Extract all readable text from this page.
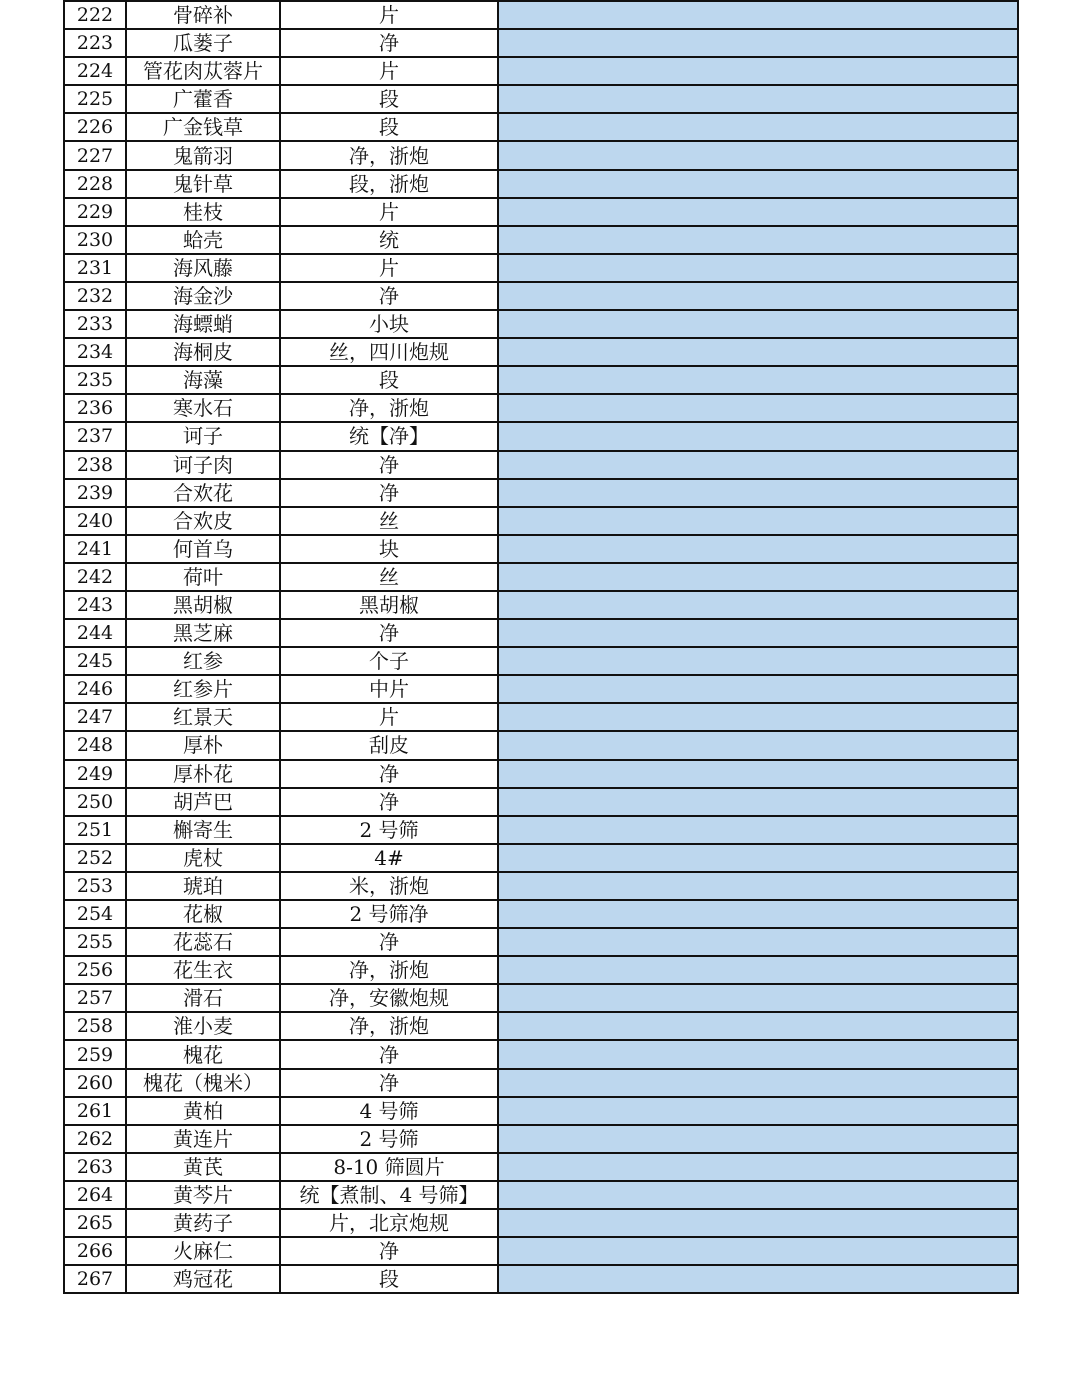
222	骨碎补	片	
223	瓜蒌子	净	
224	管花肉苁蓉片	片	
225	广藿香	段	
226	广金钱草	段	
227	鬼箭羽	净，浙炮	
228	鬼针草	段，浙炮	
229	桂枝	片	
230	蛤壳	统	
231	海风藤	片	
232	海金沙	净	
233	海螵蛸	小块	
234	海桐皮	丝，四川炮规	
235	海藻	段	
236	寒水石	净，浙炮	
237	诃子	统【净】	
238	诃子肉	净	
239	合欢花	净	
240	合欢皮	丝	
241	何首乌	块	
242	荷叶	丝	
243	黑胡椒	黑胡椒	
244	黑芝麻	净	
245	红参	个子	
246	红参片	中片	
247	红景天	片	
248	厚朴	刮皮	
249	厚朴花	净	
250	胡芦巴	净	
251	槲寄生	2 号筛	
252	虎杖	4#	
253	琥珀	米，浙炮	
254	花椒	2 号筛净	
255	花蕊石	净	
256	花生衣	净，浙炮	
257	滑石	净，安徽炮规	
258	淮小麦	净，浙炮	
259	槐花	净	
260	槐花（槐米）	净	
261	黄柏	4 号筛	
262	黄连片	2 号筛	
263	黄芪	8-10 筛圆片	
264	黄芩片	统【煮制、4 号筛】	
265	黄药子	片，北京炮规	
266	火麻仁	净	
267	鸡冠花	段	
